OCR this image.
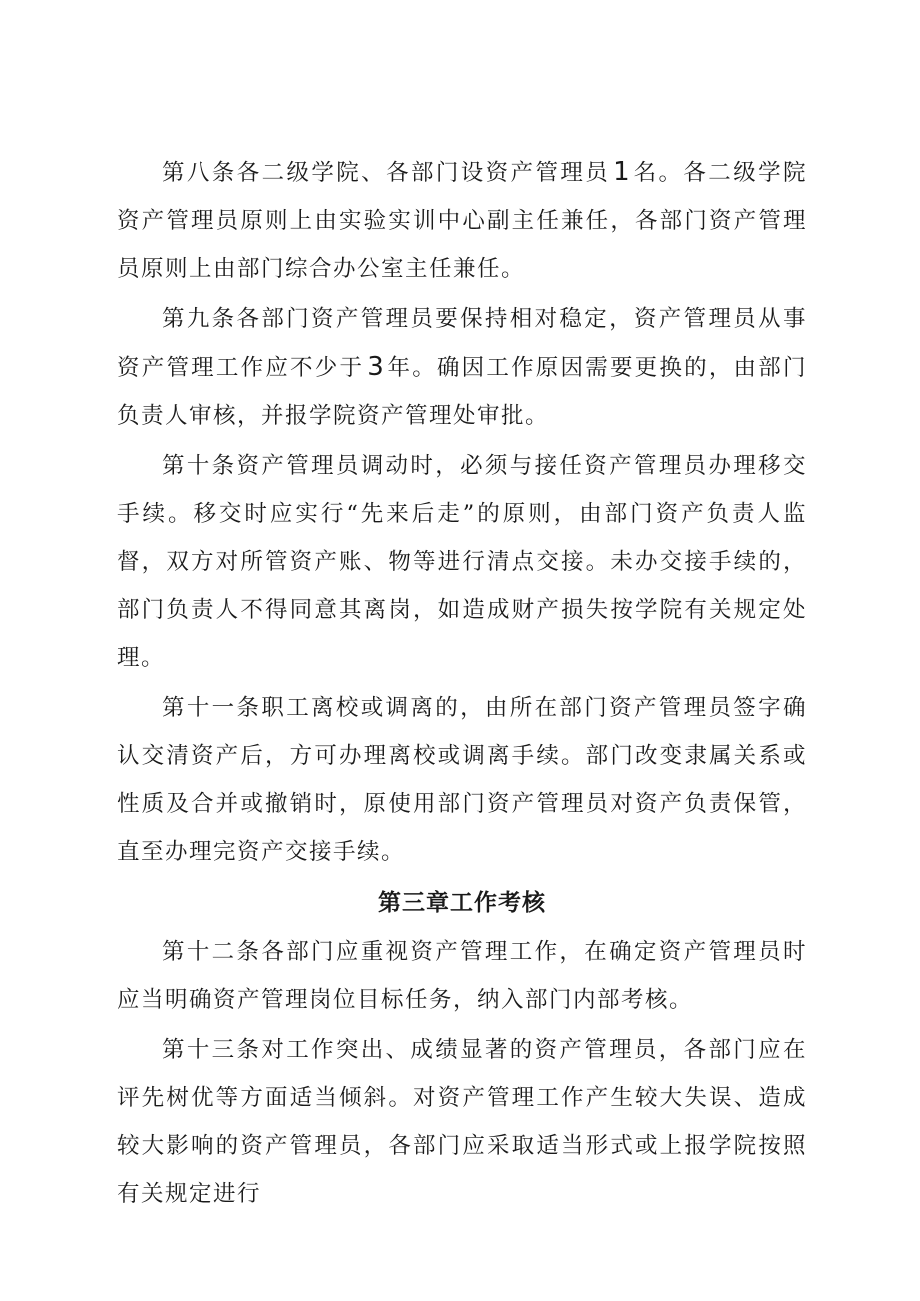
第八条各二级学院、各部门设资产管理员 1 名。各二级学院资产管理员原则上由实验实训中心副主任兼任，各部门资产管理员原则上由部门综合办公室主任兼任。

第九条各部门资产管理员要保持相对稳定，资产管理员从事资产管理工作应不少于 3 年。确因工作原因需要更换的，由部门负责人审核，并报学院资产管理处审批。

第十条资产管理员调动时，必须与接任资产管理员办理移交手续。移交时应实行“先来后走”的原则，由部门资产负责人监督，双方对所管资产账、物等进行清点交接。未办交接手续的，部门负责人不得同意其离岗，如造成财产损失按学院有关规定处理。

第十一条职工离校或调离的，由所在部门资产管理员签字确认交清资产后，方可办理离校或调离手续。部门改变隶属关系或性质及合并或撤销时，原使用部门资产管理员对资产负责保管，直至办理完资产交接手续。

第三章工作考核

第十二条各部门应重视资产管理工作，在确定资产管理员时应当明确资产管理岗位目标任务，纳入部门内部考核。

第十三条对工作突出、成绩显著的资产管理员，各部门应在评先树优等方面适当倾斜。对资产管理工作产生较大失误、造成较大影响的资产管理员，各部门应采取适当形式或上报学院按照有关规定进行
